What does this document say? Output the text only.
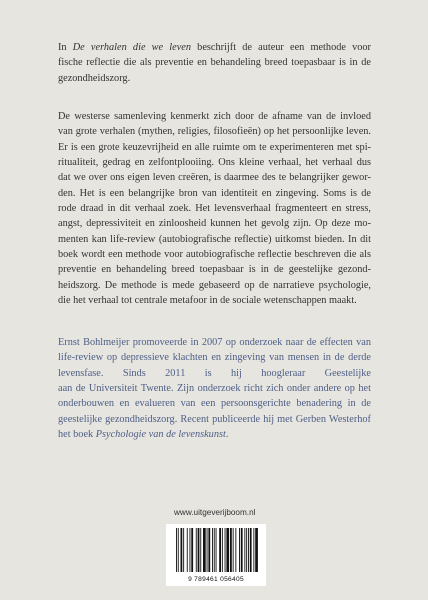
In De verhalen die we leven beschrijft de auteur een methode voor
fische reflectie die als preventie en behandeling breed toepasbaar is in de
gezondheidszorg.

De westerse samenleving kenmerkt zich door de afname van de invloed
van grote verhalen (mythen, religies, filosofieën) op het persoonlijke leven.
Er is een grote keuzevrijheid en alle ruimte om te experimenteren met spi-
ritualiteit, gedrag en zelfontplooiing. Ons kleine verhaal, het verhaal dus
dat we over ons eigen leven creëren, is daarmee des te belangrijker gewor-
den. Het is een belangrijke bron van identiteit en zingeving. Soms is de
rode draad in dit verhaal zoek. Het levensverhaal fragmenteert en stress,
angst, depressiviteit en zinloosheid kunnen het gevolg zijn. Op deze mo-
menten kan life-review (autobiografische reflectie) uitkomst bieden. In dit
boek wordt een methode voor autobiografische reflectie beschreven die als
preventie en behandeling breed toepasbaar is in de geestelijke gezond-
heidszorg. De methode is mede gebaseerd op de narratieve psychologie,
die het verhaal tot centrale metafoor in de sociale wetenschappen maakt.

Ernst Bohlmeijer promoveerde in 2007 op onderzoek naar de effecten van
life-review op depressieve klachten en zingeving van mensen in de derde
levensfase. Sinds 2011 is hij hoogleraar Geestelijke
aan de Universiteit Twente. Zijn onderzoek richt zich onder andere op het
onderbouwen en evalueren van een persoonsgerichte benadering in de
geestelijke gezondheidszorg. Recent publiceerde hij met Gerben Westerhof
het boek Psychologie van de levenskunst.

www.uitgeverijboom.nl
9 789461 056405
